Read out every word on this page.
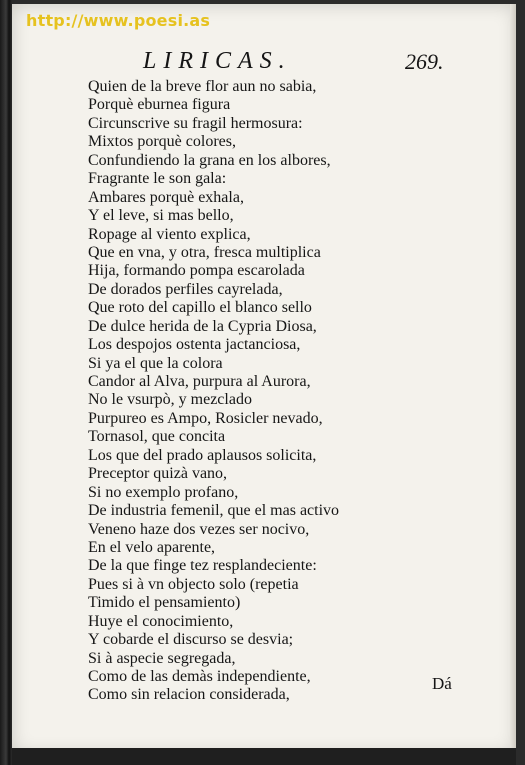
http://www.poesi.as
LIRICAS.	269.
Quien de la breve flor aun no sabia,
Porquè eburnea figura
Circunscrive su fragil hermosura:
Mixtos porquè colores,
Confundiendo la grana en los albores,
Fragrante le son gala:
Ambares porquè exhala,
Y el leve, si mas bello,
Ropage al viento explica,
Que en vna, y otra, fresca multiplica
Hija, formando pompa escarolada
De dorados perfiles cayrelada,
Que roto del capillo el blanco sello
De dulce herida de la Cypria Diosa,
Los despojos ostenta jactanciosa,
Si ya el que la colora
Candor al Alva, purpura al Aurora,
No le vsurpò, y mezclado
Purpureo es Ampo, Rosicler nevado,
Tornasol, que concita
Los que del prado aplausos solicita,
Preceptor quizà vano,
Si no exemplo profano,
De industria femenil, que el mas activo
Veneno haze dos vezes ser nocivo,
En el velo aparente,
De la que finge tez resplandeciente:
Pues si à vn objecto solo (repetia
Timido el pensamiento)
Huye el conocimiento,
Y cobarde el discurso se desvia;
Si à aspecie segregada,
Como de las demàs independiente,
Como sin relacion considerada,
Dá
